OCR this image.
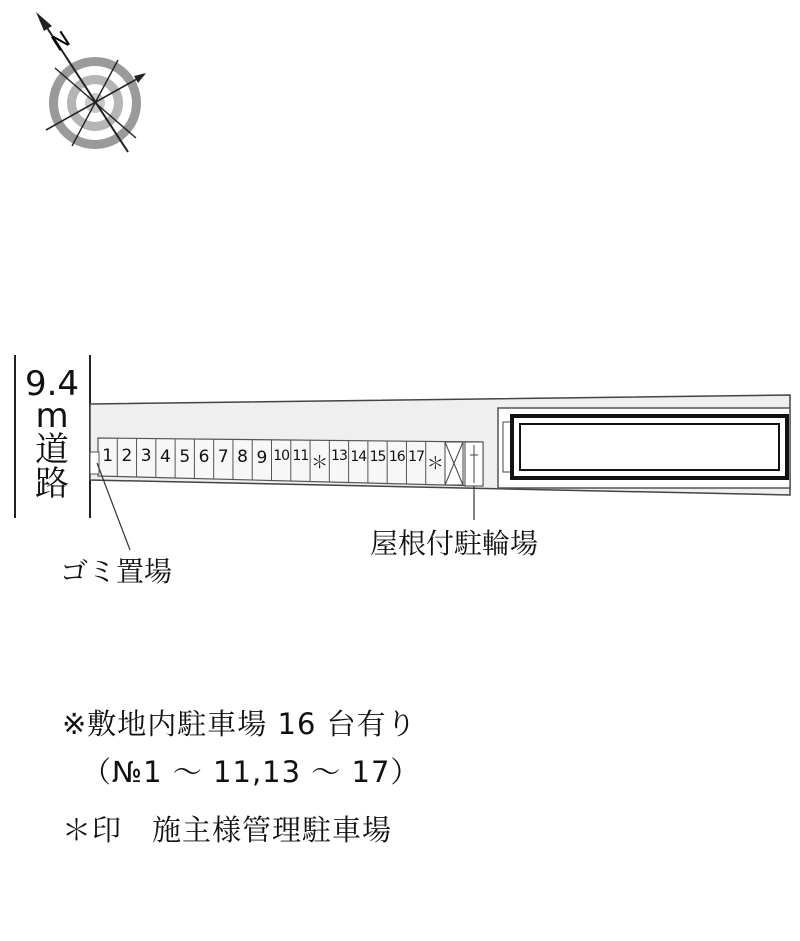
N
9.4
m
道
路
1 2 3 4 5 6 7 8 9 10 11 ＊ 13 14 15 16 17 ＊
ゴミ置場
屋根付駐輪場
※敷地内駐車場 16 台有り
（№1 ～ 11,13 ～ 17）
＊印　施主様管理駐車場
